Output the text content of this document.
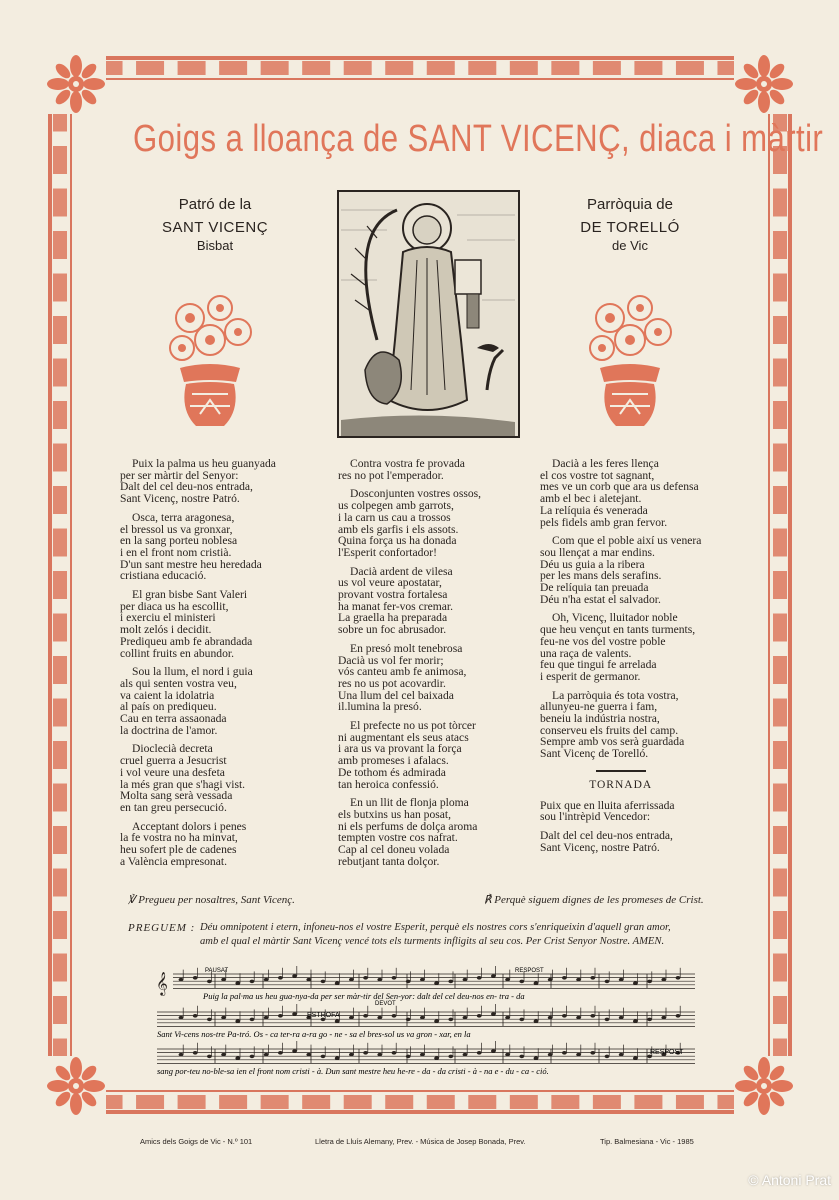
Goigs a lloança de SANT VICENÇ, diaca i màrtir
Patró de la
SANT VICENÇ
Bisbat
Parròquia de
DE TORELLÓ
de Vic

Puix la palma us heu guanyada

per ser màrtir del Senyor:

Dalt del cel deu-nos entrada,

Sant Vicenç, nostre Patró.

Osca, terra aragonesa,

el bressol us va gronxar,

en la sang porteu noblesa

i en el front nom cristià.

D'un sant mestre heu heredada

cristiana educació.

El gran bisbe Sant Valeri

per diaca us ha escollit,

i exerciu el ministeri

molt zelós i decidit.

Prediqueu amb fe abrandada

collint fruits en abundor.

Sou la llum, el nord i guia

als qui senten vostra veu,

va caient la idolatria

al país on prediqueu.

Cau en terra assaonada

la doctrina de l'amor.

Dioclecià decreta

cruel guerra a Jesucrist

i vol veure una desfeta

la més gran que s'hagi vist.

Molta sang serà vessada

en tan greu persecució.

Acceptant dolors i penes

la fe vostra no ha minvat,

heu sofert ple de cadenes

a València empresonat.

Contra vostra fe provada

res no pot l'emperador.

Dosconjunten vostres ossos,

us colpegen amb garrots,

i la carn us cau a trossos

amb els garfis i els assots.

Quina força us ha donada

l'Esperit confortador!

Dacià ardent de vilesa

us vol veure apostatar,

provant vostra fortalesa

ha manat fer-vos cremar.

La graella ha preparada

sobre un foc abrusador.

En presó molt tenebrosa

Dacià us vol fer morir;

vós canteu amb fe animosa,

res no us pot acovardir.

Una llum del cel baixada

il.lumina la presó.

El prefecte no us pot tòrcer

ni augmentant els seus atacs

i ara us va provant la força

amb promeses i afalacs.

De tothom és admirada

tan heroica confessió.

En un llit de flonja ploma

els butxins us han posat,

ni els perfums de dolça aroma

tempten vostre cos nafrat.

Cap al cel doneu volada

rebutjant tanta dolçor.

Dacià a les feres llença

el cos vostre tot sagnant,

mes ve un corb que ara us defensa

amb el bec i aletejant.

La relíquia és venerada

pels fidels amb gran fervor.

Com que el poble així us venera

sou llençat a mar endins.

Déu us guia a la ribera

per les mans dels serafins.

De relíquia tan preuada

Déu n'ha estat el salvador.

Oh, Vicenç, lluitador noble

que heu vençut en tants turments,

feu-ne vos del vostre poble

una raça de valents.

feu que tingui fe arrelada

i esperit de germanor.

La parròquia és tota vostra,

allunyeu-ne guerra i fam,

beneiu la indústria nostra,

conserveu els fruits del camp.

Sempre amb vos serà guardada

Sant Vicenç de Torelló.

TORNADA

Puix que en lluita aferrissada

sou l'intrèpid Vencedor:

Dalt del cel deu-nos entrada,

Sant Vicenç, nostre Patró.

℣ Pregueu per nosaltres, Sant Vicenç.	℟ Perquè siguem dignes de les promeses de Crist.
PREGUEM : Déu omnipotent i etern, infoneu-nos el vostre Esperit, perquè els nostres cors s'enriqueixin d'aquell gran amor,
amb el qual el màrtir Sant Vicenç vencé tots els turments infligits al seu cos. Per Crist Senyor Nostre. AMEN.
𝄞
PAUSAT	RESPOST
DEVOT
ESTROFA
RESPOST
Puig la pal·ma us heu gua-nya-da per ser màr-tir del Sen-yor: dalt del cel deu-nos en- tra - da
Sant Vi-cens nos-tre Pa-tró. Os - ca ter-ra a-ra go - ne - sa el bres-sol us va gron - xar, en la
sang por-teu no-ble-sa ien el front nom cristi - à. Dun sant mestre heu he-re - da - da cristi - à - na e - du - ca - ció.
Amics dels Goigs de Vic - N.º 101	Lletra de Lluís Alemany, Prev. - Música de Josep Bonada, Prev.	Tip. Balmesiana - Vic - 1985
© Antoni Prat
